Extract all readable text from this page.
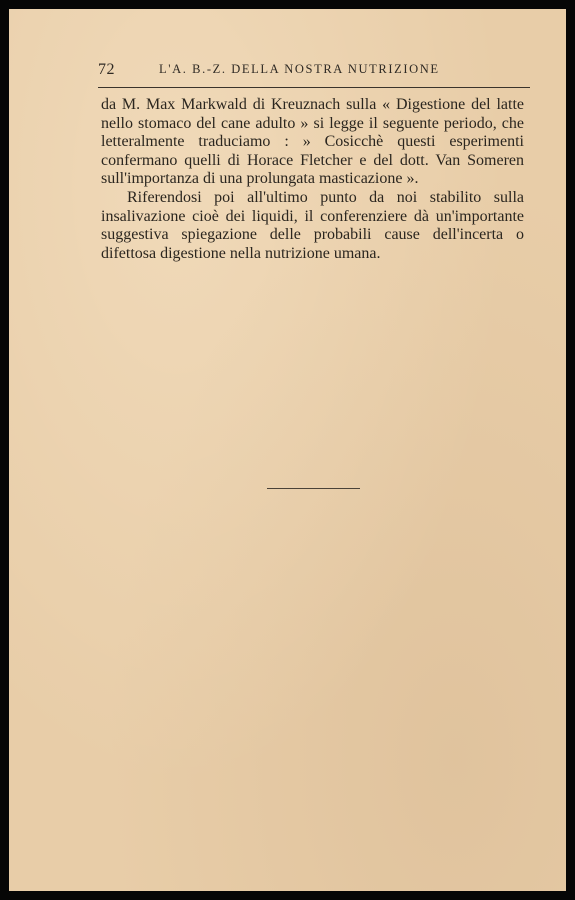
72	L'A. B.-Z. DELLA NOSTRA NUTRIZIONE

da M. Max Markwald di Kreuznach sulla « Digestione del latte nello stomaco del cane adulto » si legge il seguente periodo, che letteralmente traduciamo : » Cosicchè questi esperimenti confermano quelli di Horace Fletcher e del dott. Van Someren sull'importanza di una prolungata masticazione ».

Riferendosi poi all'ultimo punto da noi stabilito sulla insalivazione cioè dei liquidi, il conferenziere dà un'importante suggestiva spiegazione delle probabili cause dell'incerta o difettosa digestione nella nutrizione umana.
